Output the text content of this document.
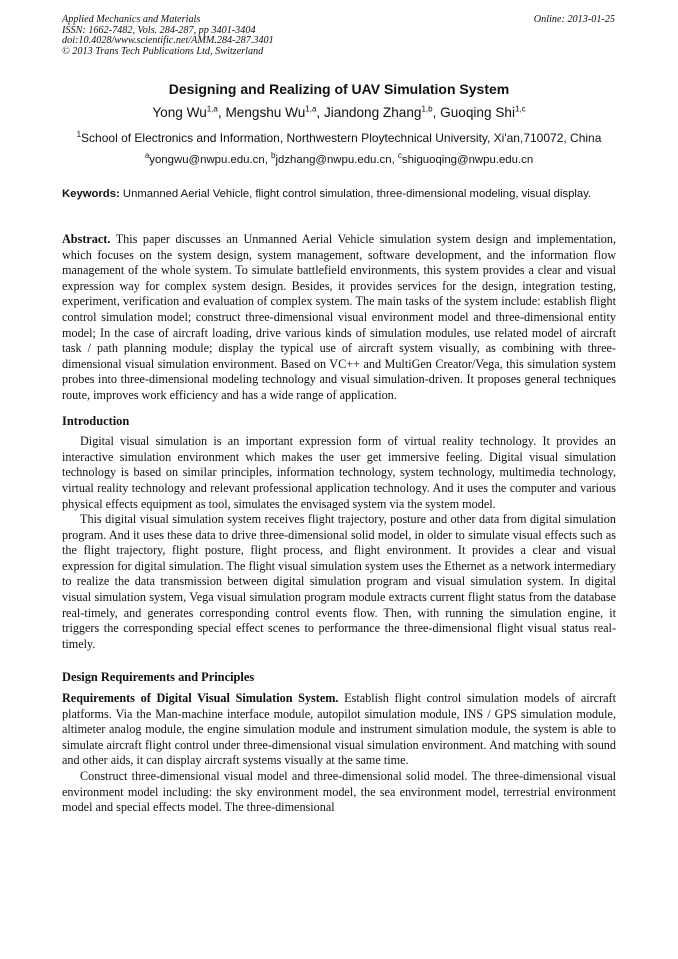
Applied Mechanics and Materials
ISSN: 1662-7482, Vols. 284-287, pp 3401-3404
doi:10.4028/www.scientific.net/AMM.284-287.3401
© 2013 Trans Tech Publications Ltd, Switzerland
Online: 2013-01-25
Designing and Realizing of UAV Simulation System
Yong Wu$^{1,a}$, Mengshu Wu$^{1,a}$, Jiandong Zhang$^{1,b}$, Guoqing Shi$^{1,c}$
$^1$School of Electronics and Information, Northwestern Ploytechnical University, Xi'an,710072, China
$^a$yongwu@nwpu.edu.cn, $^b$jdzhang@nwpu.edu.cn, $^c$shiguoqing@nwpu.edu.cn
Keywords: Unmanned Aerial Vehicle, flight control simulation, three-dimensional modeling, visual display.

Abstract. This paper discusses an Unmanned Aerial Vehicle simulation system design and implementation, which focuses on the system design, system management, software development, and the information flow management of the whole system. To simulate battlefield environments, this system provides a clear and visual expression way for complex system design. Besides, it provides services for the design, integration testing, experiment, verification and evaluation of complex system. The main tasks of the system include: establish flight control simulation model; construct three-dimensional visual environment model and three-dimensional entity model; In the case of aircraft loading, drive various kinds of simulation modules, use related model of aircraft task / path planning module; display the typical use of aircraft system visually, as combining with three-dimensional visual simulation environment. Based on VC++ and MultiGen Creator/Vega, this simulation system probes into three-dimensional modeling technology and visual simulation-driven. It proposes general techniques route, improves work efficiency and has a wide range of application.

Introduction

Digital visual simulation is an important expression form of virtual reality technology. It provides an interactive simulation environment which makes the user get immersive feeling. Digital visual simulation technology is based on similar principles, information technology, system technology, multimedia technology, virtual reality technology and relevant professional application technology. And it uses the computer and various physical effects equipment as tool, simulates the envisaged system via the system model.

This digital visual simulation system receives flight trajectory, posture and other data from digital simulation program. And it uses these data to drive three-dimensional solid model, in older to simulate visual effects such as the flight trajectory, flight posture, flight process, and flight environment. It provides a clear and visual expression for digital simulation. The flight visual simulation system uses the Ethernet as a network intermediary to realize the data transmission between digital simulation program and visual simulation system. In digital visual simulation system, Vega visual simulation program module extracts current flight status from the database real-timely, and generates corresponding control events flow. Then, with running the simulation engine, it triggers the corresponding special effect scenes to performance the three-dimensional flight visual status real-timely.

Design Requirements and Principles

Requirements of Digital Visual Simulation System. Establish flight control simulation models of aircraft platforms. Via the Man-machine interface module, autopilot simulation module, INS / GPS simulation module, altimeter analog module, the engine simulation module and instrument simulation module, the system is able to simulate aircraft flight control under three-dimensional visual simulation environment. And matching with sound and other aids, it can display aircraft systems visually at the same time.

Construct three-dimensional visual model and three-dimensional solid model. The three-dimensional visual environment model including: the sky environment model, the sea environment model, terrestrial environment model and special effects model. The three-dimensional
